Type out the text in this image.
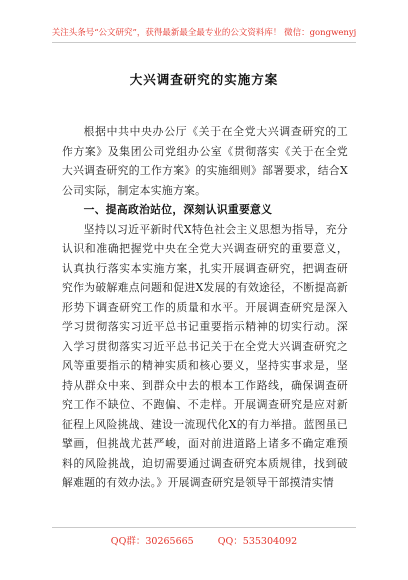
关注头条号“公文研究”，获得最新最全最专业的公文资料库！ 微信：gongwenyj
大兴调查研究的实施方案

根据中共中央办公厅《关于在全党大兴调查研究的工作方案》及集团公司党组办公室《贯彻落实《关于在全党大兴调查研究的工作方案》的实施细则》部署要求，结合X公司实际，制定本实施方案。

一、提高政治站位，深刻认识重要意义

坚持以习近平新时代X特色社会主义思想为指导，充分认识和准确把握党中央在全党大兴调查研究的重要意义，认真执行落实本实施方案，扎实开展调查研究，把调查研究作为破解难点问题和促进X发展的有效途径，不断提高新形势下调查研究工作的质量和水平。开展调查研究是深入学习贯彻落实习近平总书记重要指示精神的切实行动。深入学习贯彻落实习近平总书记关于在全党大兴调查研究之风等重要指示的精神实质和核心要义，坚持实事求是，坚持从群众中来、到群众中去的根本工作路线，确保调查研究工作不缺位、不跑偏、不走样。开展调查研究是应对新征程上风险挑战、建设一流现代化X的有力举措。蓝图虽已擘画，但挑战尤甚严峻，面对前进道路上诸多不确定难预料的风险挑战，迫切需要通过调查研究本质规律，找到破解难题的有效办法。》开展调查研究是领导干部摸清实情

QQ群：30265665	QQ：535304092
